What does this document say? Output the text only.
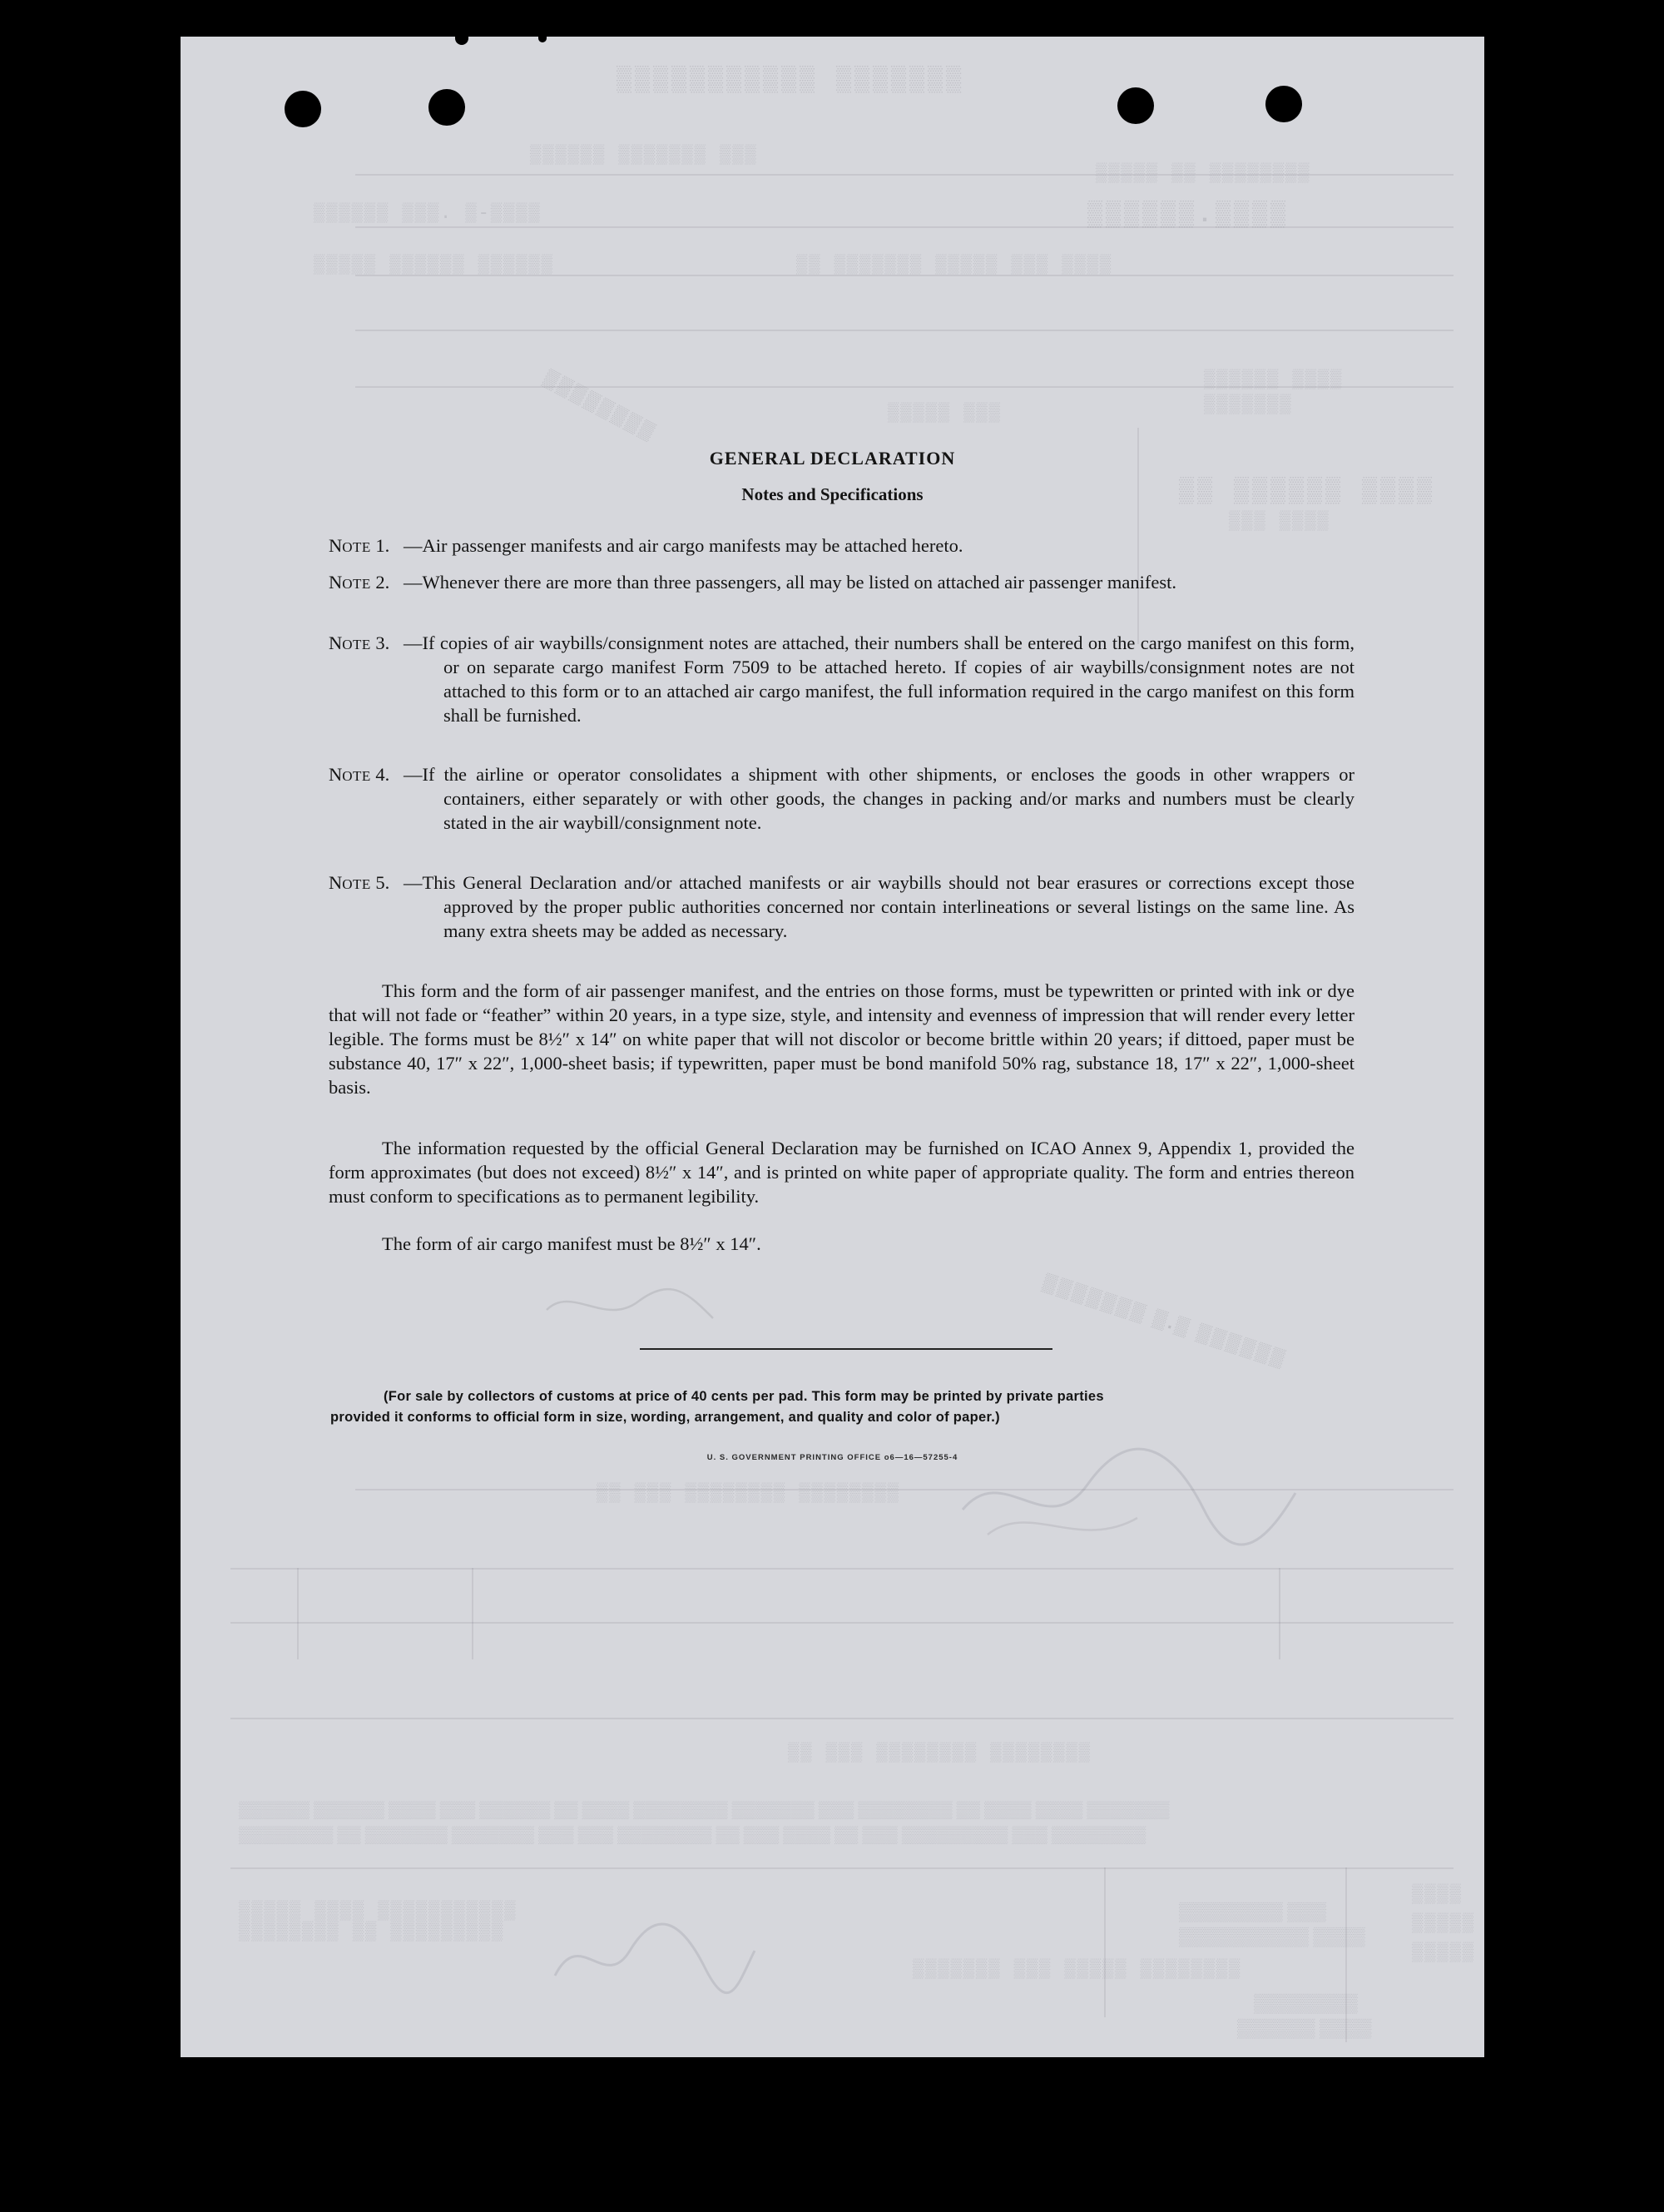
▒▒▒▒▒▒▒ ▒▒▒▒▒▒▒▒▒▒▒
▒▒▒▒▒▒ ▒▒▒▒▒▒▒ ▒▒▒
▒▒▒▒▒▒.▒▒▒▒
▒▒▒▒▒ ▒▒ ▒▒▒▒▒▒▒▒
▒▒▒▒▒▒ ▒▒▒. ▒-▒▒▒▒
▒▒▒▒▒ ▒▒▒▒▒▒ ▒▒▒▒▒▒	▒▒ ▒▒▒▒▒▒▒ ▒▒▒▒▒ ▒▒▒ ▒▒▒▒
▒▒▒▒▒▒ ▒▒▒▒
▒▒▒▒▒▒▒
▒▒▒▒▒ ▒▒▒
▒▒ ▒▒▒▒▒▒ ▒▒▒▒
▒▒▒ ▒▒▒▒
▒▒ ▒▒▒ ▒▒▒▒▒▒▒▒ ▒▒▒▒▒▒▒▒
▒▒ ▒▒▒ ▒▒▒▒▒▒▒▒ ▒▒▒▒▒▒▒▒
▒▒▒▒▒▒ ▒▒▒▒▒▒ ▒▒▒▒ ▒▒▒ ▒▒▒▒▒▒ ▒▒ ▒▒▒▒ ▒▒▒▒▒▒▒▒ ▒▒▒▒▒▒▒ ▒▒▒ ▒▒▒▒▒▒▒▒ ▒▒ ▒▒▒▒ ▒▒▒▒ ▒▒▒▒▒▒▒
▒▒▒▒▒▒▒▒ ▒▒ ▒▒▒▒▒▒▒ ▒▒▒▒▒▒▒ ▒▒▒ ▒▒▒ ▒▒▒▒▒▒▒▒ ▒▒ ▒▒▒ ▒▒▒▒ ▒▒ ▒▒▒ ▒▒▒▒▒▒▒▒▒ ▒▒▒ ▒▒▒▒▒▒▒▒
▒▒▒▒▒▒▒▒ ▒▒▒
▒▒▒▒▒▒▒▒▒▒ ▒▒▒▒
▒▒▒▒▒▒▒▒
▒▒▒▒▒▒ ▒▒▒▒
▒▒▒▒▒ ▒▒▒▒ ▒▒▒▒▒▒▒▒▒▒▒
▒▒▒▒▒▒▒▒ ▒▒ ▒▒▒▒▒▒▒▒▒
▒▒▒▒▒▒▒ ▒▒▒ ▒▒▒▒▒ ▒▒▒▒▒▒▒▒
▒▒▒▒
▒▒▒▒▒
▒▒▒▒▒
▒▒▒▒▒▒▒▒
▒▒▒▒▒▒▒ ▒.▒ ▒▒▒▒▒▒
GENERAL DECLARATION
Notes and Specifications
NOTE 1. —Air passenger manifests and air cargo manifests may be attached hereto.
NOTE 2. —Whenever there are more than three passengers, all may be listed on attached air passenger manifest.
NOTE 3. —If copies of air waybills/consignment notes are attached, their numbers shall be entered on the cargo manifest on this form, or on separate cargo manifest Form 7509 to be attached hereto. If copies of air waybills/consignment notes are not attached to this form or to an attached air cargo manifest, the full information required in the cargo manifest on this form shall be furnished.
NOTE 4. —If the airline or operator consolidates a shipment with other shipments, or encloses the goods in other wrappers or containers, either separately or with other goods, the changes in packing and/or marks and numbers must be clearly stated in the air waybill/consignment note.
NOTE 5. —This General Declaration and/or attached manifests or air waybills should not bear erasures or corrections except those approved by the proper public authorities concerned nor contain interlineations or several listings on the same line. As many extra sheets may be added as necessary.
This form and the form of air passenger manifest, and the entries on those forms, must be typewritten or printed with ink or dye that will not fade or “feather” within 20 years, in a type size, style, and intensity and evenness of impression that will render every letter legible. The forms must be 8½″ x 14″ on white paper that will not discolor or become brittle within 20 years; if dittoed, paper must be substance 40, 17″ x 22″, 1,000-sheet basis; if typewritten, paper must be bond manifold 50% rag, substance 18, 17″ x 22″, 1,000-sheet basis.
The information requested by the official General Declaration may be furnished on ICAO Annex 9, Appendix 1, provided the form approximates (but does not exceed) 8½″ x 14″, and is printed on white paper of appropriate quality. The form and entries thereon must conform to specifications as to permanent legibility.
The form of air cargo manifest must be 8½″ x 14″.
(For sale by collectors of customs at price of 40 cents per pad. This form may be printed by private parties
provided it conforms to official form in size, wording, arrangement, and quality and color of paper.)
U. S. GOVERNMENT PRINTING OFFICE o6—16—57255-4
